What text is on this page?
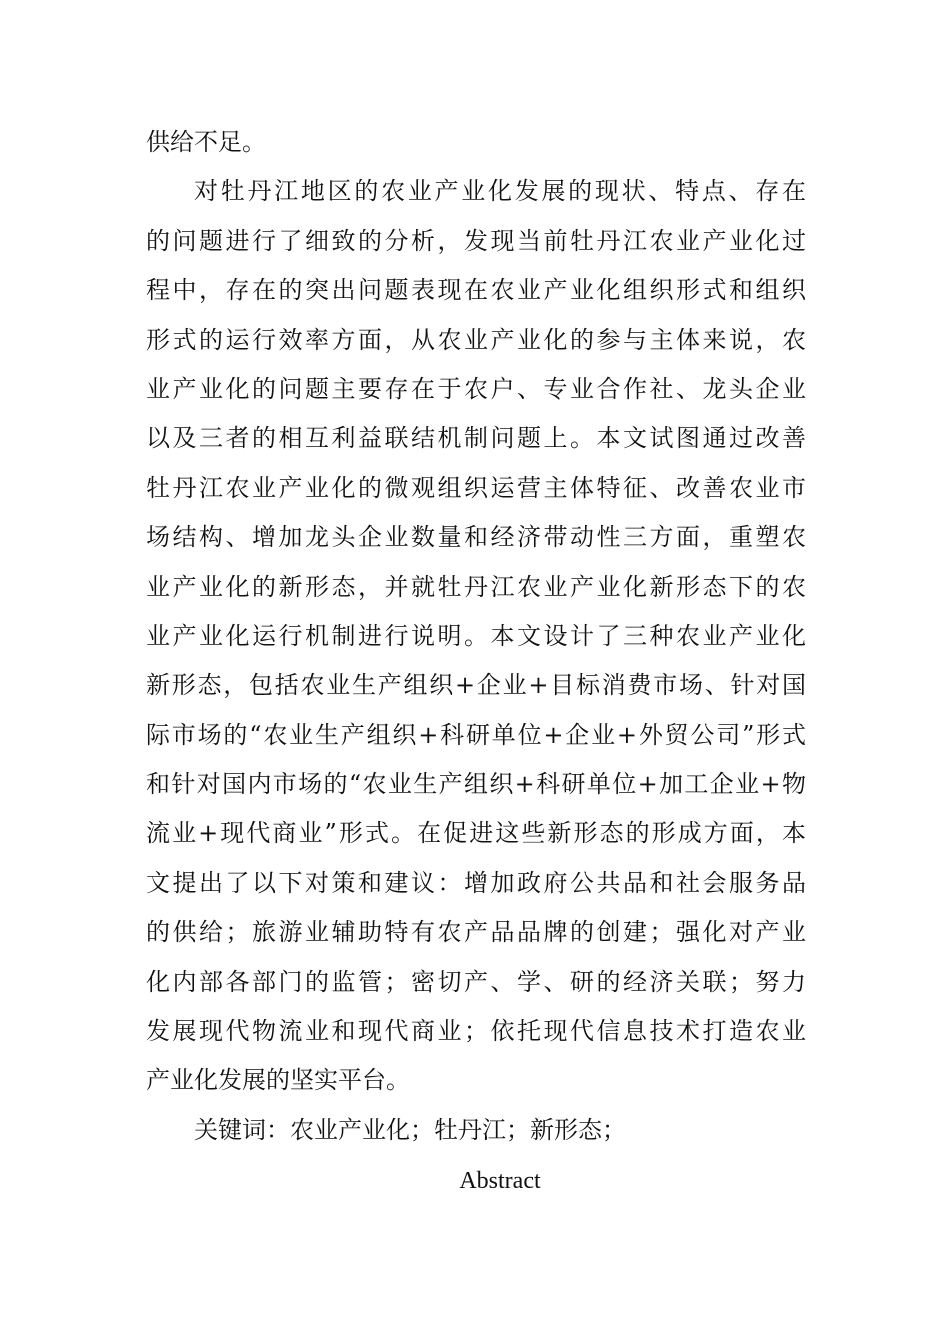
供给不足。
对牡丹江地区的农业产业化发展的现状、特点、存在
的问题进行了细致的分析，发现当前牡丹江农业产业化过
程中，存在的突出问题表现在农业产业化组织形式和组织
形式的运行效率方面，从农业产业化的参与主体来说，农
业产业化的问题主要存在于农户、专业合作社、龙头企业
以及三者的相互利益联结机制问题上。本文试图通过改善
牡丹江农业产业化的微观组织运营主体特征、改善农业市
场结构、增加龙头企业数量和经济带动性三方面，重塑农
业产业化的新形态，并就牡丹江农业产业化新形态下的农
业产业化运行机制进行说明。本文设计了三种农业产业化
新形态，包括农业生产组织+企业+目标消费市场、针对国
际市场的“农业生产组织+科研单位+企业+外贸公司”形式
和针对国内市场的“农业生产组织+科研单位+加工企业+物
流业+现代商业”形式。在促进这些新形态的形成方面，本
文提出了以下对策和建议：增加政府公共品和社会服务品
的供给；旅游业辅助特有农产品品牌的创建；强化对产业
化内部各部门的监管；密切产、学、研的经济关联；努力
发展现代物流业和现代商业；依托现代信息技术打造农业
产业化发展的坚实平台。
关键词：农业产业化；牡丹江；新形态；
Abstract
